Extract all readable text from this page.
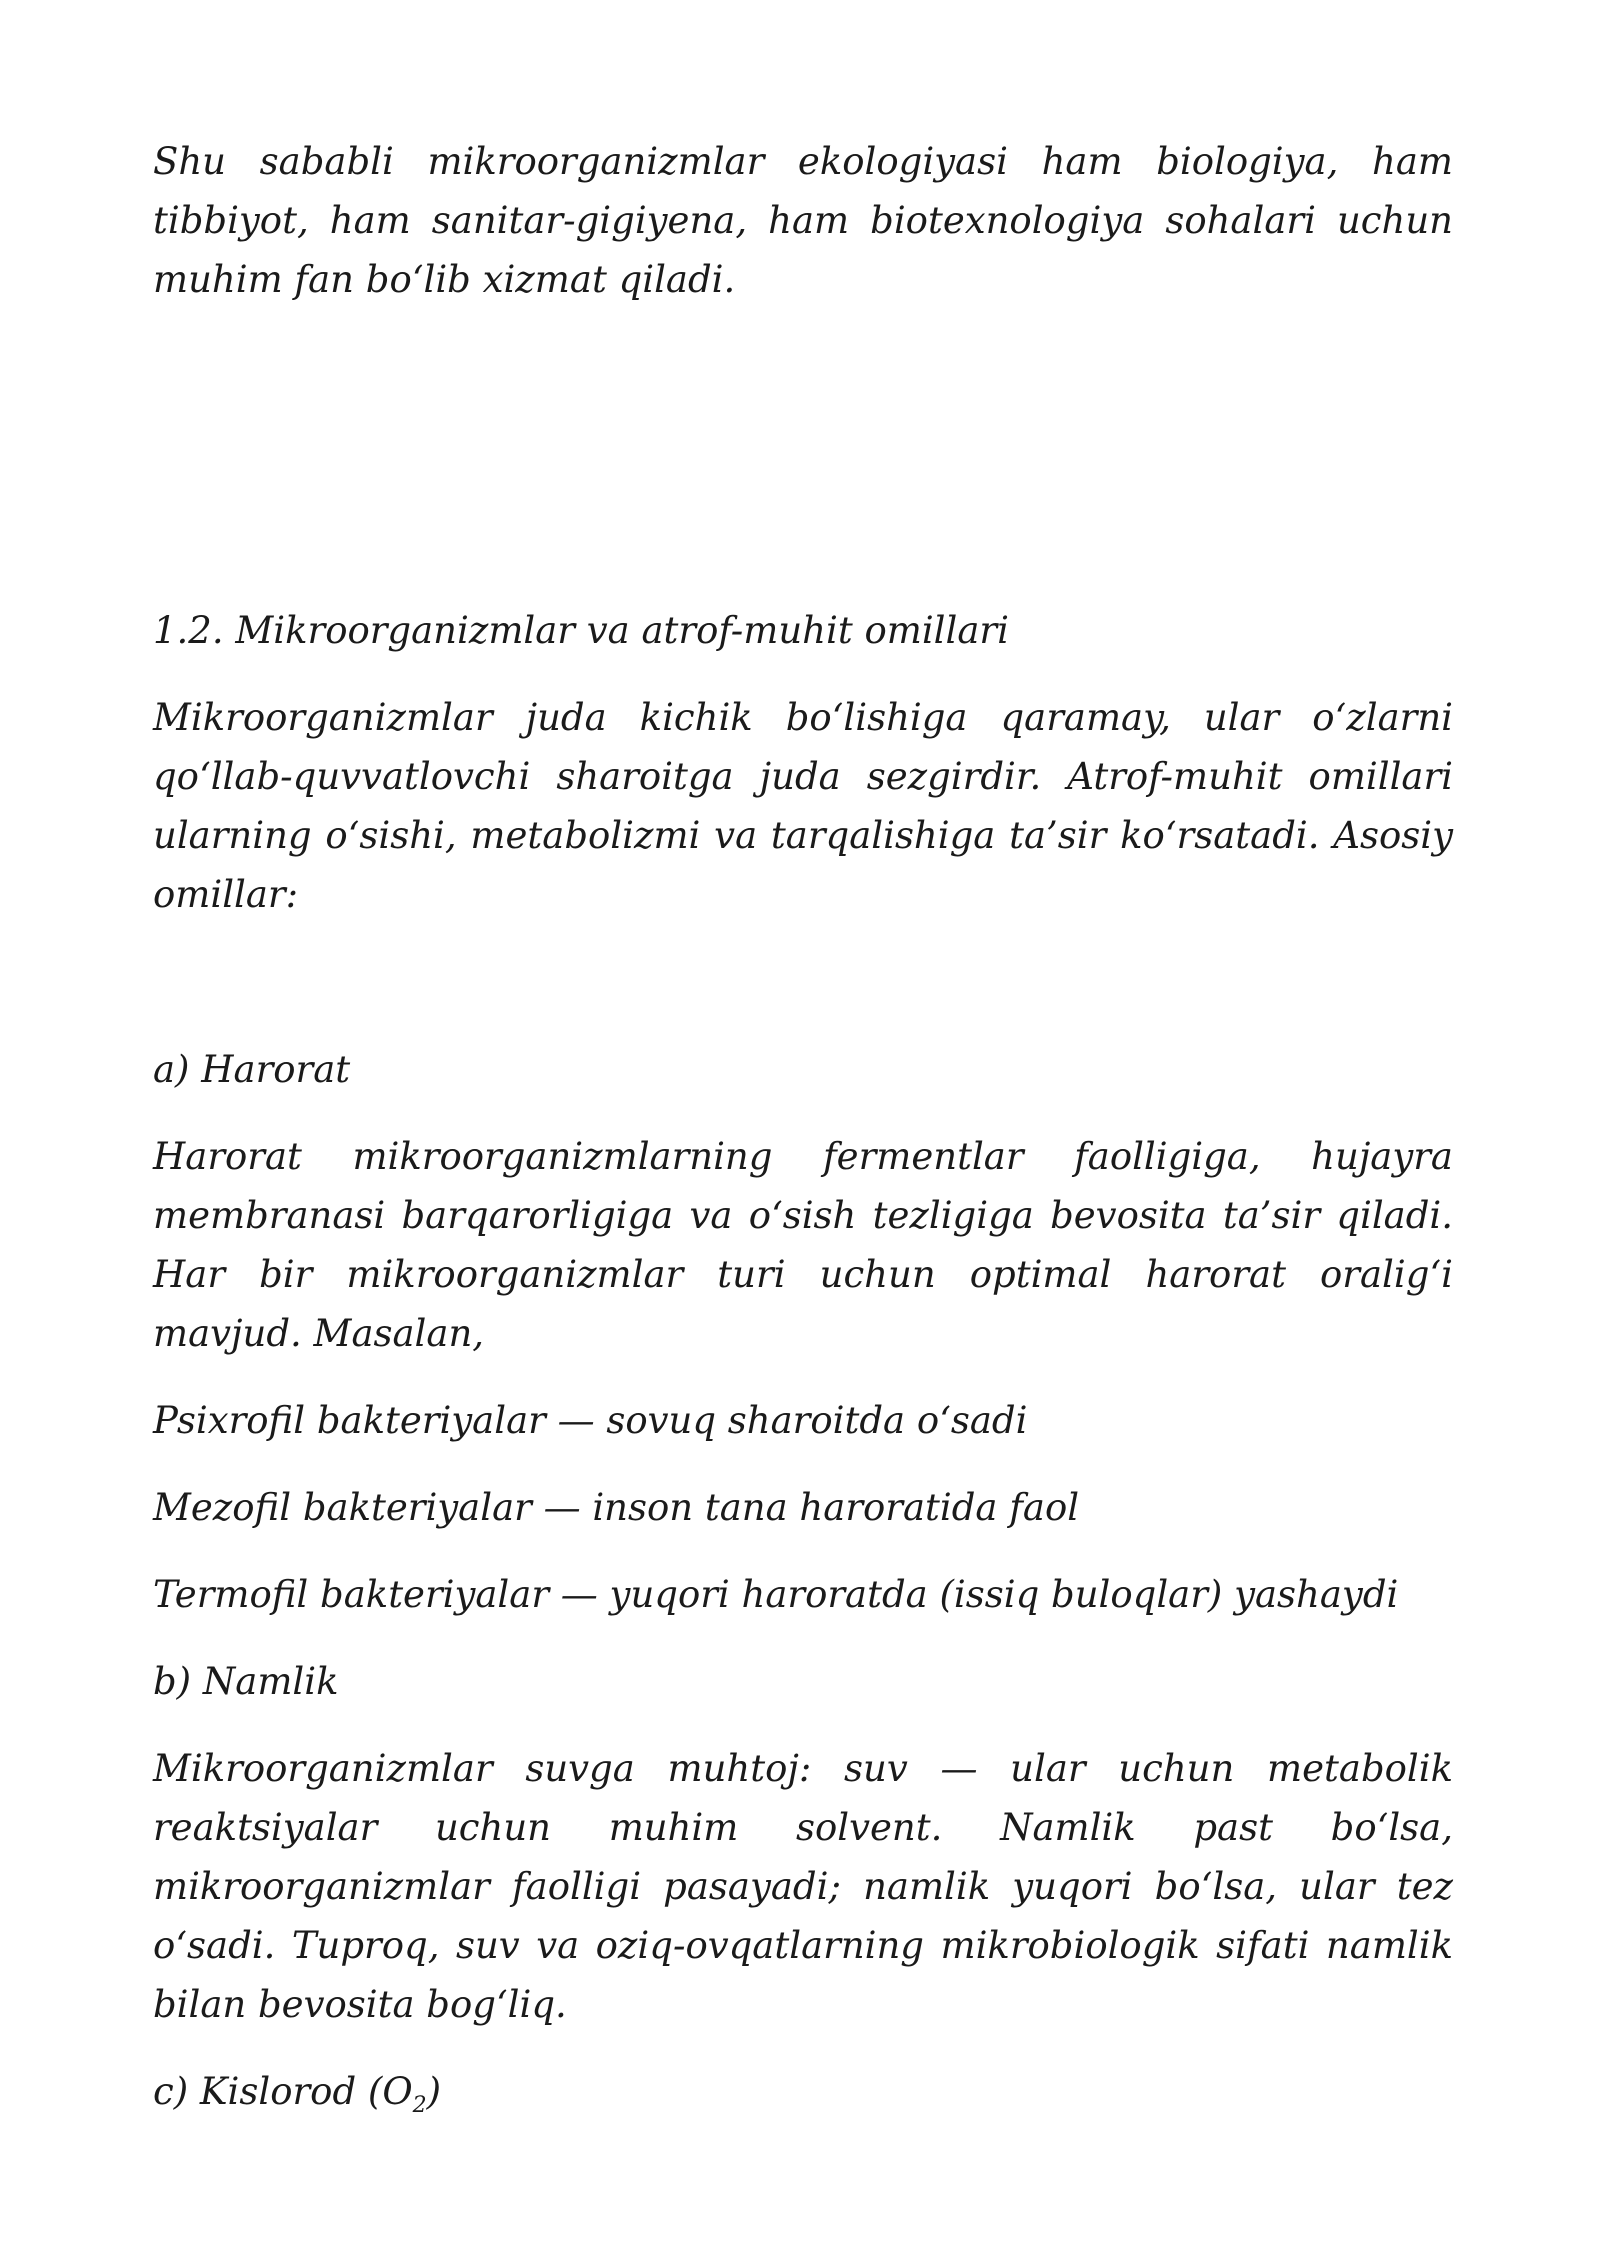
Shu sababli mikroorganizmlar ekologiyasi ham biologiya, ham tibbiyot, ham sanitar-gigiyena, ham biotexnologiya sohalari uchun muhim fan bo‘lib xizmat qiladi.

1.2. Mikroorganizmlar va atrof-muhit omillari

Mikroorganizmlar juda kichik bo‘lishiga qaramay, ular o‘zlarni qo‘llab-quvvatlovchi sharoitga juda sezgirdir. Atrof-muhit omillari ularning o‘sishi, metabolizmi va tarqalishiga ta’sir ko‘rsatadi. Asosiy omillar:

a) Harorat

Harorat mikroorganizmlarning fermentlar faolligiga, hujayra membranasi barqarorligiga va o‘sish tezligiga bevosita ta’sir qiladi. Har bir mikroorganizmlar turi uchun optimal harorat oralig‘i mavjud. Masalan,

Psixrofil bakteriyalar — sovuq sharoitda o‘sadi

Mezofil bakteriyalar — inson tana haroratida faol

Termofil bakteriyalar — yuqori haroratda (issiq buloqlar) yashaydi

b) Namlik

Mikroorganizmlar suvga muhtoj: suv — ular uchun metabolik reaktsiyalar uchun muhim solvent. Namlik past bo‘lsa, mikroorganizmlar faolligi pasayadi; namlik yuqori bo‘lsa, ular tez o‘sadi. Tuproq, suv va oziq-ovqatlarning mikrobiologik sifati namlik bilan bevosita bog‘liq.

c) Kislorod $(O_2)$
